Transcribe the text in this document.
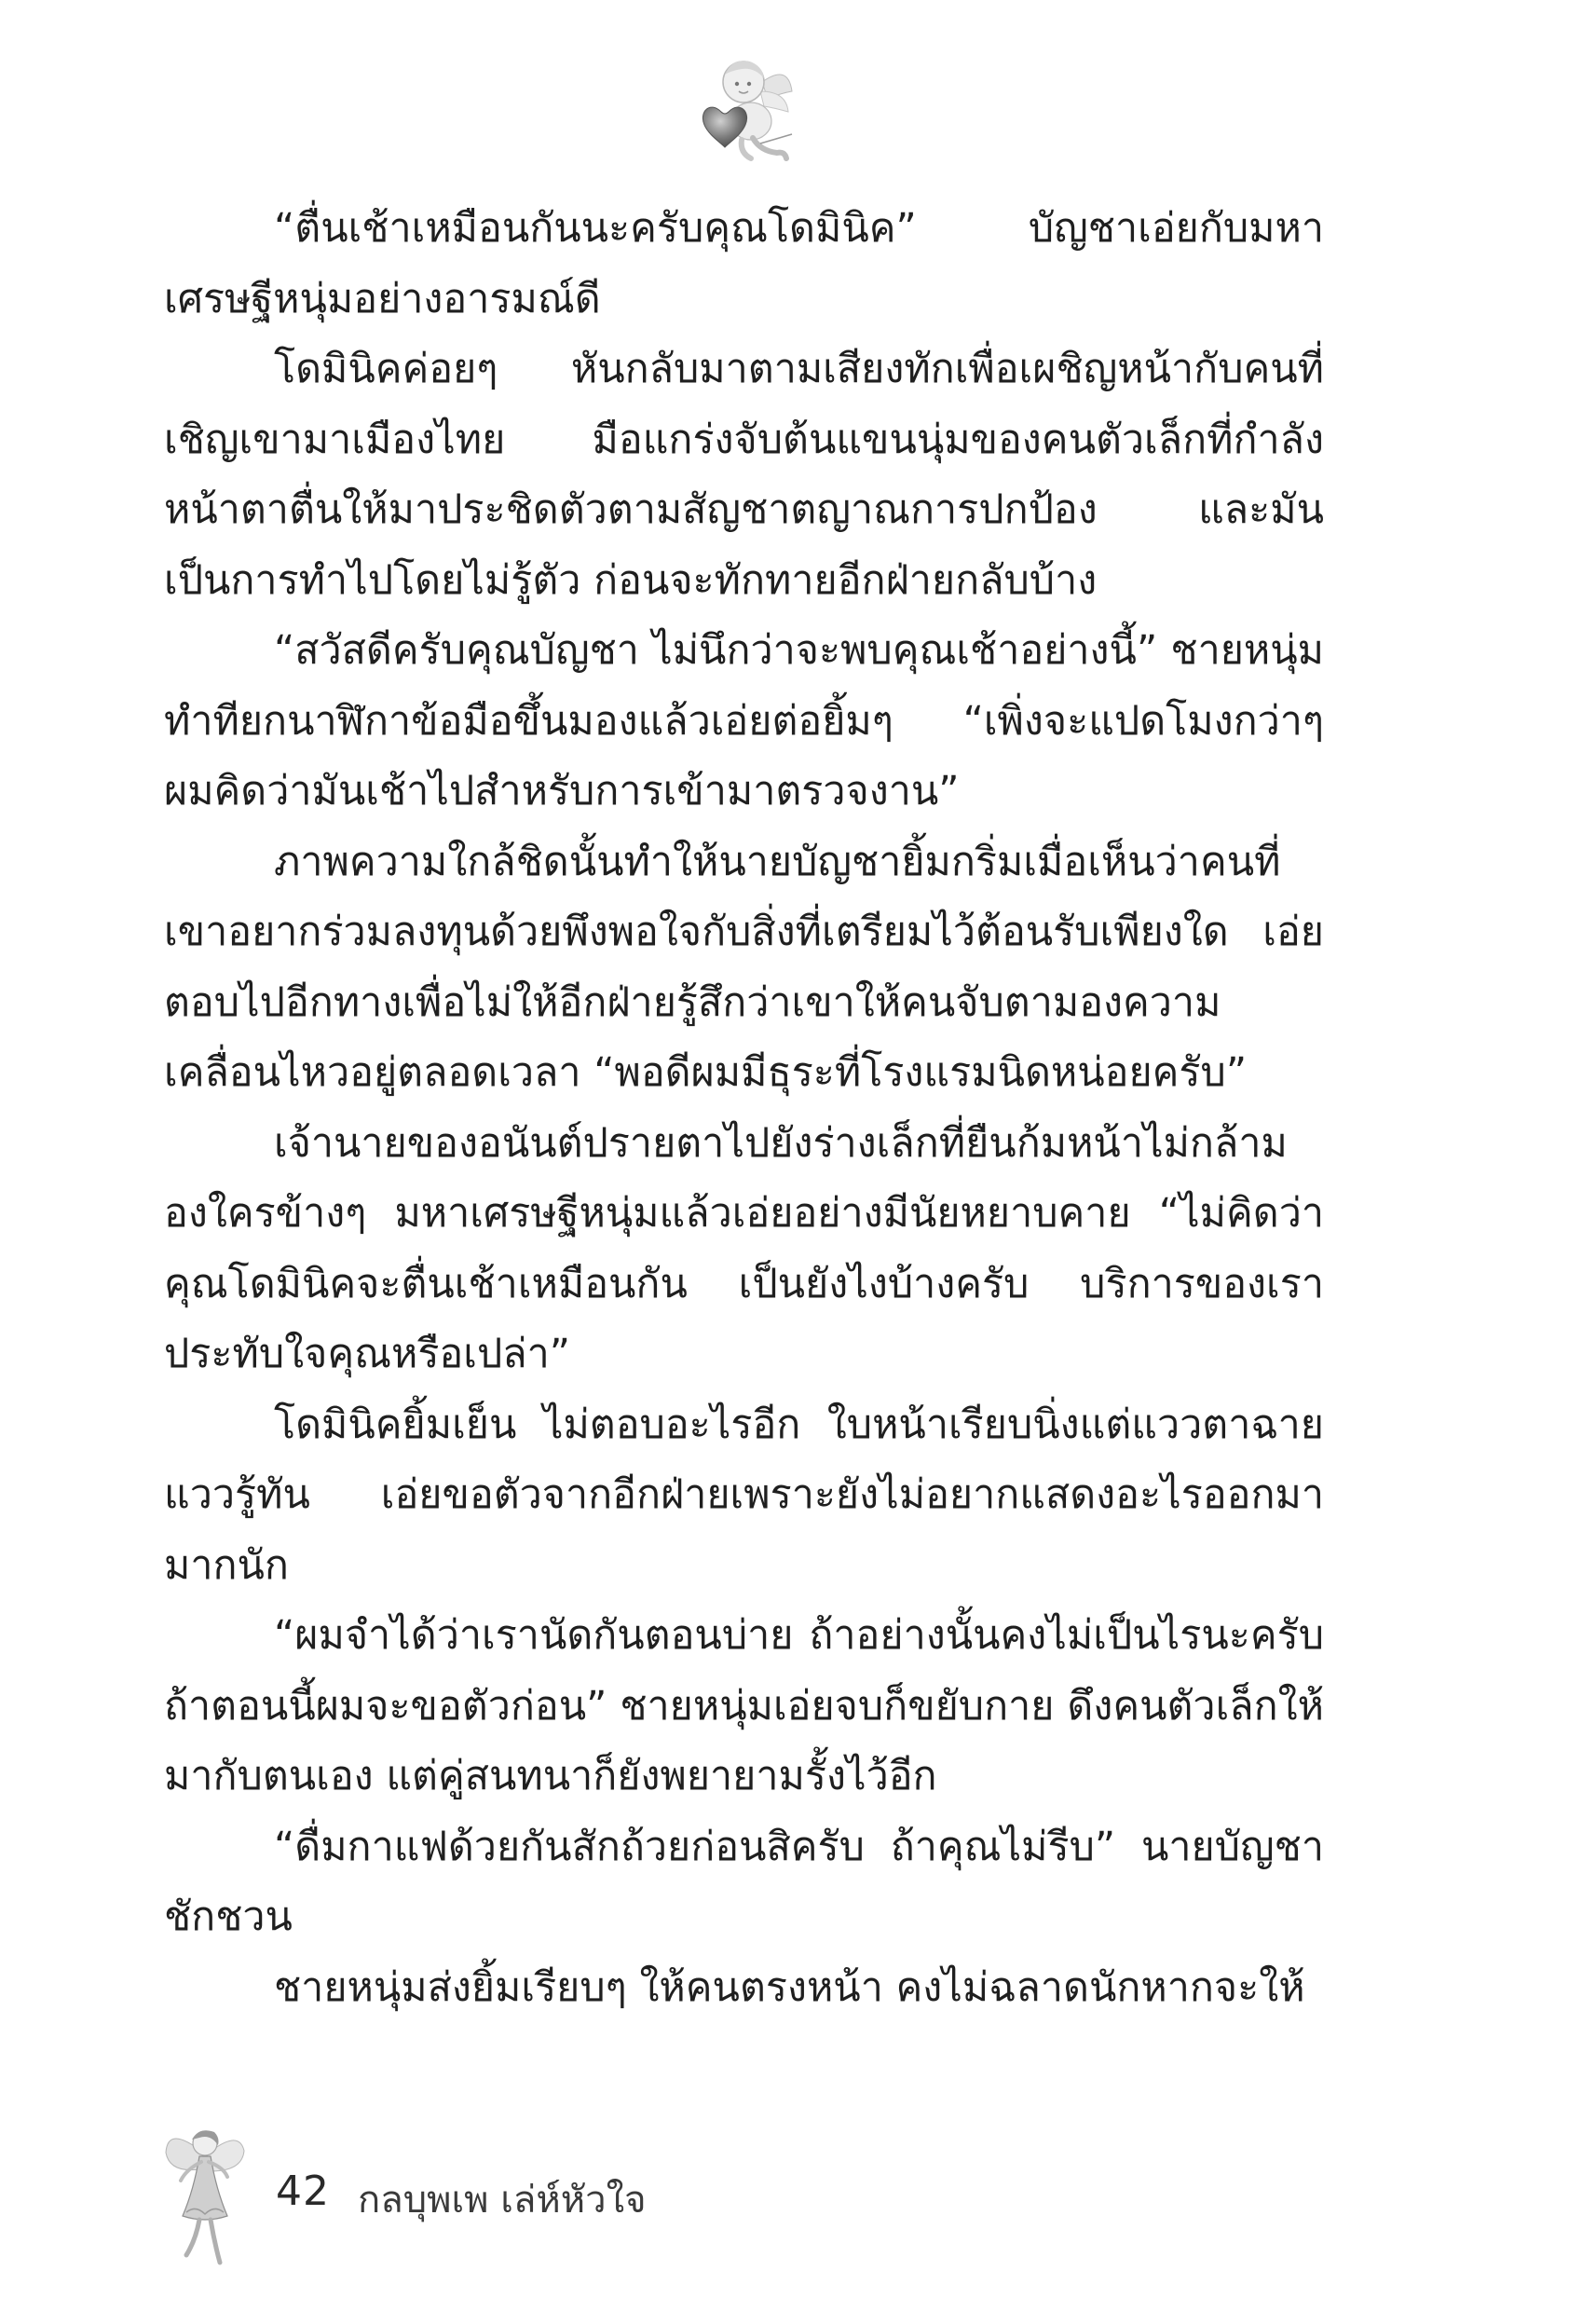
“ตื่นเช้าเหมือนกันนะครับคุณโดมินิค” บัญชาเอ่ยกับมหาเศรษฐีหนุ่มอย่างอารมณ์ดี

โดมินิคค่อยๆ หันกลับมาตามเสียงทักเพื่อเผชิญหน้ากับคนที่เชิญเขามาเมืองไทย มือแกร่งจับต้นแขนนุ่มของคนตัวเล็กที่กำลังหน้าตาตื่นให้มาประชิดตัวตามสัญชาตญาณการปกป้อง และมันเป็นการทำไปโดยไม่รู้ตัว ก่อนจะทักทายอีกฝ่ายกลับบ้าง

“สวัสดีครับคุณบัญชา ไม่นึกว่าจะพบคุณเช้าอย่างนี้” ชายหนุ่มทำทียกนาฬิกาข้อมือขึ้นมองแล้วเอ่ยต่อยิ้มๆ “เพิ่งจะแปดโมงกว่าๆ ผมคิดว่ามันเช้าไปสำหรับการเข้ามาตรวจงาน”

ภาพความใกล้ชิดนั้นทำให้นายบัญชายิ้มกริ่มเมื่อเห็นว่าคนที่เขาอยากร่วมลงทุนด้วยพึงพอใจกับสิ่งที่เตรียมไว้ต้อนรับเพียงใด เอ่ยตอบไปอีกทางเพื่อไม่ให้อีกฝ่ายรู้สึกว่าเขาให้คนจับตามองความเคลื่อนไหวอยู่ตลอดเวลา “พอดีผมมีธุระที่โรงแรมนิดหน่อยครับ”

เจ้านายของอนันต์ปรายตาไปยังร่างเล็กที่ยืนก้มหน้าไม่กล้ามองใครข้างๆ มหาเศรษฐีหนุ่มแล้วเอ่ยอย่างมีนัยหยาบคาย “ไม่คิดว่าคุณโดมินิคจะตื่นเช้าเหมือนกัน เป็นยังไงบ้างครับ บริการของเราประทับใจคุณหรือเปล่า”

โดมินิคยิ้มเย็น ไม่ตอบอะไรอีก ใบหน้าเรียบนิ่งแต่แววตาฉายแววรู้ทัน เอ่ยขอตัวจากอีกฝ่ายเพราะยังไม่อยากแสดงอะไรออกมามากนัก

“ผมจำได้ว่าเรานัดกันตอนบ่าย ถ้าอย่างนั้นคงไม่เป็นไรนะครับ ถ้าตอนนี้ผมจะขอตัวก่อน” ชายหนุ่มเอ่ยจบก็ขยับกาย ดึงคนตัวเล็กให้มากับตนเอง แต่คู่สนทนาก็ยังพยายามรั้งไว้อีก

“ดื่มกาแฟด้วยกันสักถ้วยก่อนสิครับ ถ้าคุณไม่รีบ” นายบัญชาชักชวน

ชายหนุ่มส่งยิ้มเรียบๆ ให้คนตรงหน้า คงไม่ฉลาดนักหากจะให้

42 กลบุพเพ เล่ห์หัวใจ
